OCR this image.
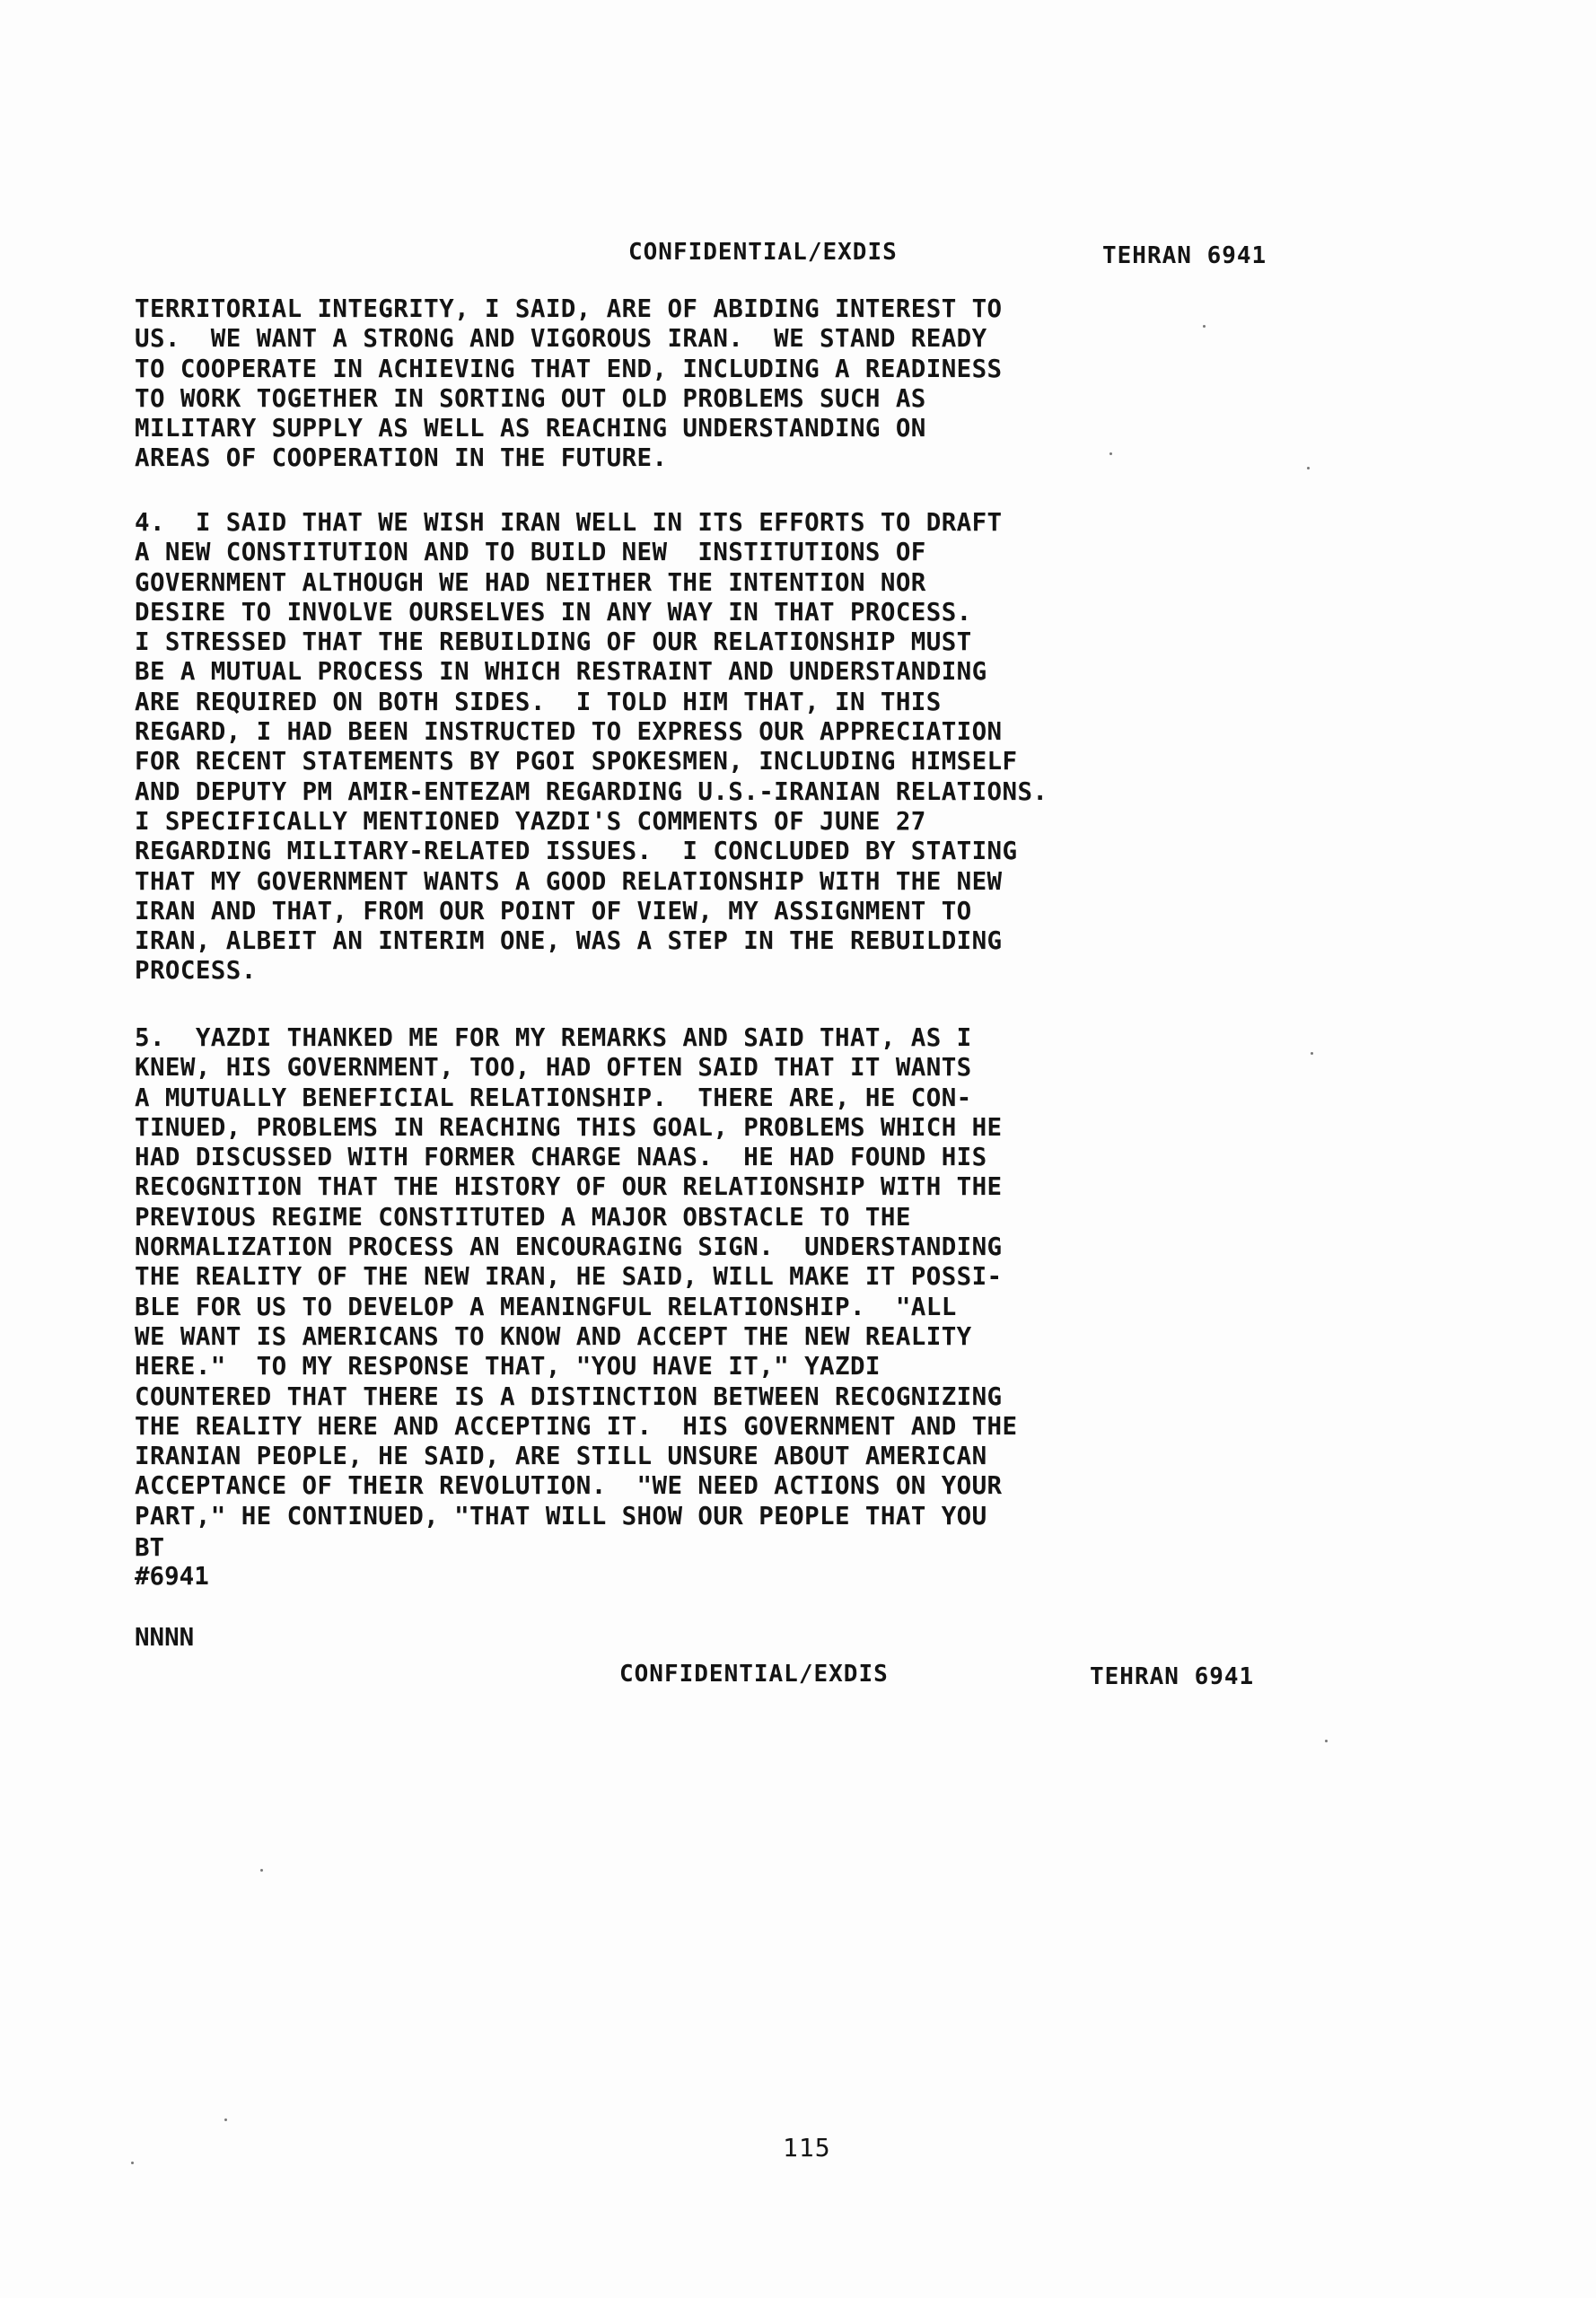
CONFIDENTIAL/EXDIS	TEHRAN 6941
TERRITORIAL INTEGRITY, I SAID, ARE OF ABIDING INTEREST TO
US.  WE WANT A STRONG AND VIGOROUS IRAN.  WE STAND READY
TO COOPERATE IN ACHIEVING THAT END, INCLUDING A READINESS
TO WORK TOGETHER IN SORTING OUT OLD PROBLEMS SUCH AS
MILITARY SUPPLY AS WELL AS REACHING UNDERSTANDING ON
AREAS OF COOPERATION IN THE FUTURE.
4.  I SAID THAT WE WISH IRAN WELL IN ITS EFFORTS TO DRAFT
A NEW CONSTITUTION AND TO BUILD NEW  INSTITUTIONS OF
GOVERNMENT ALTHOUGH WE HAD NEITHER THE INTENTION NOR
DESIRE TO INVOLVE OURSELVES IN ANY WAY IN THAT PROCESS.
I STRESSED THAT THE REBUILDING OF OUR RELATIONSHIP MUST
BE A MUTUAL PROCESS IN WHICH RESTRAINT AND UNDERSTANDING
ARE REQUIRED ON BOTH SIDES.  I TOLD HIM THAT, IN THIS
REGARD, I HAD BEEN INSTRUCTED TO EXPRESS OUR APPRECIATION
FOR RECENT STATEMENTS BY PGOI SPOKESMEN, INCLUDING HIMSELF
AND DEPUTY PM AMIR-ENTEZAM REGARDING U.S.-IRANIAN RELATIONS.
I SPECIFICALLY MENTIONED YAZDI'S COMMENTS OF JUNE 27
REGARDING MILITARY-RELATED ISSUES.  I CONCLUDED BY STATING
THAT MY GOVERNMENT WANTS A GOOD RELATIONSHIP WITH THE NEW
IRAN AND THAT, FROM OUR POINT OF VIEW, MY ASSIGNMENT TO
IRAN, ALBEIT AN INTERIM ONE, WAS A STEP IN THE REBUILDING
PROCESS.
5.  YAZDI THANKED ME FOR MY REMARKS AND SAID THAT, AS I
KNEW, HIS GOVERNMENT, TOO, HAD OFTEN SAID THAT IT WANTS
A MUTUALLY BENEFICIAL RELATIONSHIP.  THERE ARE, HE CON-
TINUED, PROBLEMS IN REACHING THIS GOAL, PROBLEMS WHICH HE
HAD DISCUSSED WITH FORMER CHARGE NAAS.  HE HAD FOUND HIS
RECOGNITION THAT THE HISTORY OF OUR RELATIONSHIP WITH THE
PREVIOUS REGIME CONSTITUTED A MAJOR OBSTACLE TO THE
NORMALIZATION PROCESS AN ENCOURAGING SIGN.  UNDERSTANDING
THE REALITY OF THE NEW IRAN, HE SAID, WILL MAKE IT POSSI-
BLE FOR US TO DEVELOP A MEANINGFUL RELATIONSHIP.  "ALL
WE WANT IS AMERICANS TO KNOW AND ACCEPT THE NEW REALITY
HERE."  TO MY RESPONSE THAT, "YOU HAVE IT," YAZDI
COUNTERED THAT THERE IS A DISTINCTION BETWEEN RECOGNIZING
THE REALITY HERE AND ACCEPTING IT.  HIS GOVERNMENT AND THE
IRANIAN PEOPLE, HE SAID, ARE STILL UNSURE ABOUT AMERICAN
ACCEPTANCE OF THEIR REVOLUTION.  "WE NEED ACTIONS ON YOUR
PART," HE CONTINUED, "THAT WILL SHOW OUR PEOPLE THAT YOU
BT
#6941
NNNN
CONFIDENTIAL/EXDIS	TEHRAN 6941
115
